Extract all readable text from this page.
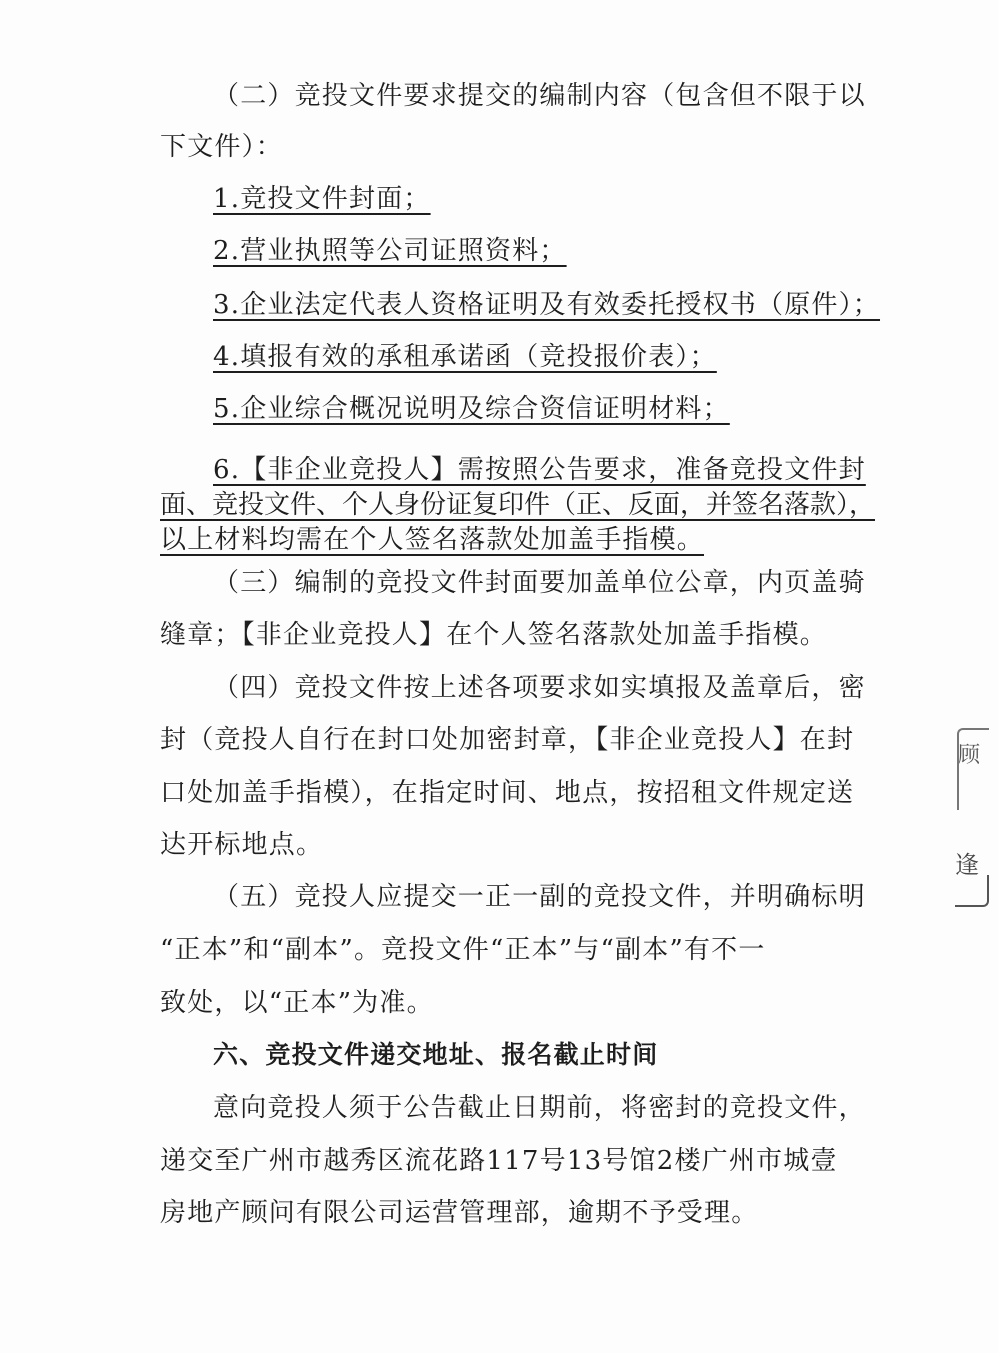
（二）竞投文件要求提交的编制内容（包含但不限于以
下文件）：
1.竞投文件封面；
2.营业执照等公司证照资料；
3.企业法定代表人资格证明及有效委托授权书（原件）；
4.填报有效的承租承诺函（竞投报价表）；
5.企业综合概况说明及综合资信证明材料；
6.【非企业竞投人】需按照公告要求，准备竞投文件封
面、竞投文件、个人身份证复印件（正、反面，并签名落款），
以上材料均需在个人签名落款处加盖手指模。
（三）编制的竞投文件封面要加盖单位公章，内页盖骑
缝章；【非企业竞投人】在个人签名落款处加盖手指模。
（四）竞投文件按上述各项要求如实填报及盖章后，密
封（竞投人自行在封口处加密封章，【非企业竞投人】在封
口处加盖手指模），在指定时间、地点，按招租文件规定送
达开标地点。
（五）竞投人应提交一正一副的竞投文件，并明确标明
“正本”和“副本”。竞投文件“正本”与“副本”有不一
致处，以“正本”为准。
六、竞投文件递交地址、报名截止时间
意向竞投人须于公告截止日期前，将密封的竞投文件，
递交至广州市越秀区流花路117号13号馆2楼广州市城壹
房地产顾问有限公司运营管理部，逾期不予受理。
顾
逢
